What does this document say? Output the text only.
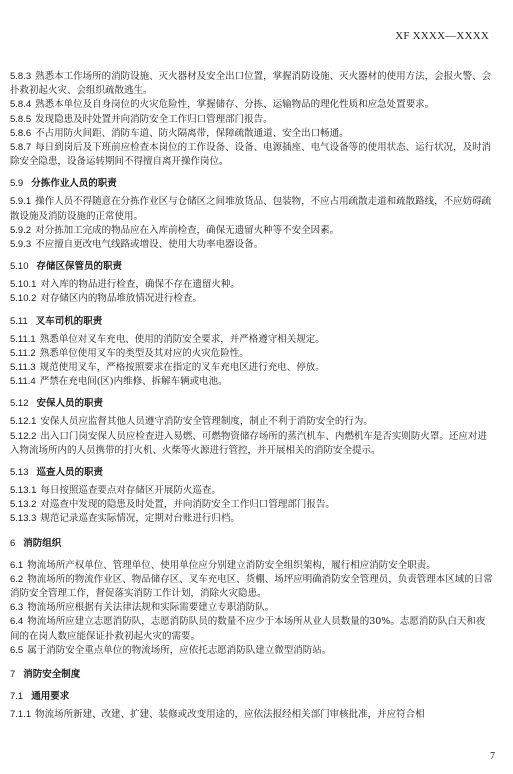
XF XXXX—XXXX
5.8.3 熟悉本工作场所的消防设施、灭火器材及安全出口位置，掌握消防设施、灭火器材的使用方法，会报火警、会扑救初起火灾、会组织疏散逃生。
5.8.4 熟悉本单位及自身岗位的火灾危险性，掌握储存、分拣、运输物品的理化性质和应急处置要求。
5.8.5 发现隐患及时处置并向消防安全工作归口管理部门报告。
5.8.6 不占用防火间距、消防车道、防火隔离带，保障疏散通道、安全出口畅通。
5.8.7 每日到岗后及下班前应检查本岗位的工作设备、设备、电源插座、电气设备等的使用状态、运行状况，及时消除安全隐患，设备运转期间不得擅自离开操作岗位。
5.9 分拣作业人员的职责
5.9.1 操作人员不得随意在分拣作业区与仓储区之间堆放货品、包装物，不应占用疏散走道和疏散路线，不应妨碍疏散设施及消防设施的正常使用。
5.9.2 对分拣加工完成的物品应在入库前检查，确保无遗留火种等不安全因素。
5.9.3 不应擅自更改电气线路或增设、使用大功率电器设备。
5.10 存储区保管员的职责
5.10.1 对入库的物品进行检查，确保不存在遗留火种。
5.10.2 对存储区内的物品堆放情况进行检查。
5.11 叉车司机的职责
5.11.1 熟悉单位对叉车充电、使用的消防安全要求，并严格遵守相关规定。
5.11.2 熟悉单位使用叉车的类型及其对应的火灾危险性。
5.11.3 规范使用叉车，严格按照要求在指定的叉车充电区进行充电、停放。
5.11.4 严禁在充电间(区)内维修、拆解车辆或电池。
5.12 安保人员的职责
5.12.1 安保人员应监督其他人员遵守消防安全管理制度，制止不利于消防安全的行为。
5.12.2 出入口门岗安保人员应检查进入易燃、可燃物资储存场所的蒸汽机车、内燃机车是否实则防火罩。还应对进入物流场所内的人员携带的打火机、火柴等火源进行管控，并开展相关的消防安全提示。
5.13 巡查人员的职责
5.13.1 每日按照巡查要点对存储区开展防火巡查。
5.13.2 对巡查中发现的隐患及时处置，并向消防安全工作归口管理部门报告。
5.13.3 规范记录巡查实际情况，定期对台账进行归档。
6 消防组织
6.1 物流场所产权单位、管理单位、使用单位应分别建立消防安全组织架构，履行相应消防安全职责。
6.2 物流场所的物流作业区、物品储存区、叉车充电区、货棚、场坪应明确消防安全管理员，负责管理本区域的日常消防安全管理工作，督促落实消防工作计划，消除火灾隐患。
6.3 物流场所应根据有关法律法规和实际需要建立专职消防队。
6.4 物流场所应建立志愿消防队，志愿消防队员的数量不应少于本场所从业人员数量的30%。志愿消防队白天和夜间的在岗人数应能保证扑救初起火灾的需要。
6.5 属于消防安全重点单位的物流场所，应依托志愿消防队建立微型消防站。
7 消防安全制度
7.1 通用要求
7.1.1 物流场所新建、改建、扩建、装修或改变用途的，应依法报经相关部门审核批准，并应符合相
7
